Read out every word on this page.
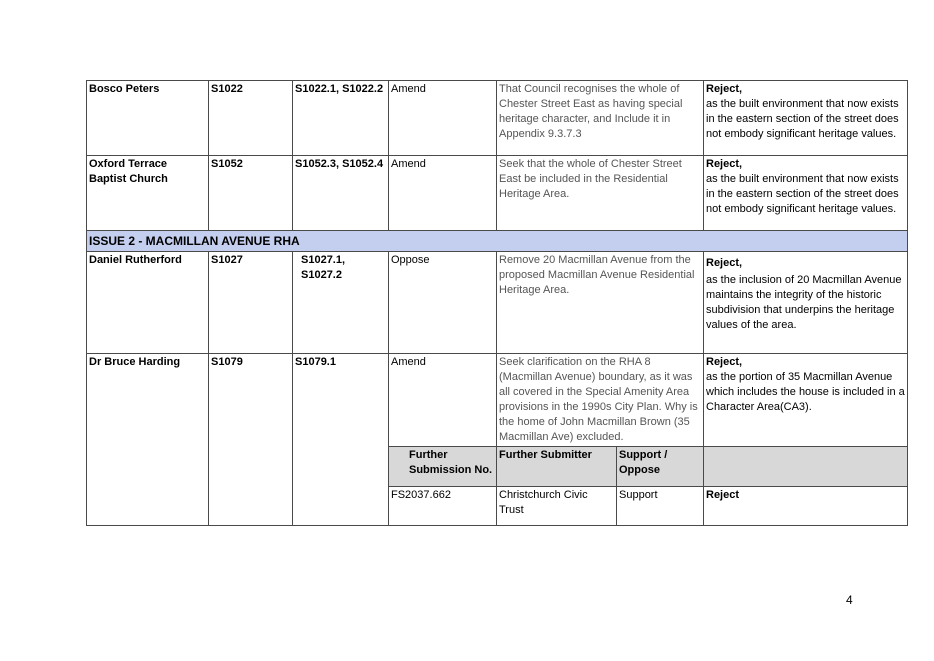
Bosco Peters	S1022	S1022.1, S1022.2	Amend	That Council recognises the whole of Chester Street East as having special heritage character, and Include it in Appendix 9.3.7.3		Reject,
as the built environment that now exists in the eastern section of the street does not embody significant heritage values.

Oxford Terrace Baptist Church	S1052	S1052.3, S1052.4	Amend	Seek that the whole of Chester Street East be included in the Residential Heritage Area.		Reject,
as the built environment that now exists in the eastern section of the street does not embody significant heritage values.

ISSUE 2 - MACMILLAN AVENUE RHA						
Daniel Rutherford	S1027	S1027.1, S1027.2	Oppose	Remove 20 Macmillan Avenue from the proposed Macmillan Avenue Residential Heritage Area.		Reject,
as the inclusion of 20 Macmillan Avenue maintains the integrity of the historic subdivision that underpins the heritage values of the area.

Dr Bruce Harding	S1079	S1079.1	Amend	Seek clarification on the RHA 8 (Macmillan Avenue) boundary, as it was all covered in the Special Amenity Area provisions in the 1990s City Plan. Why is the home of John Macmillan Brown (35 Macmillan Ave) excluded.		Reject,
as the portion of 35 Macmillan Avenue which includes the house is included in a Character Area(CA3).

			Further Submission No.	Further Submitter	Support / Oppose	
			FS2037.662	Christchurch Civic Trust	Support	Reject
4
